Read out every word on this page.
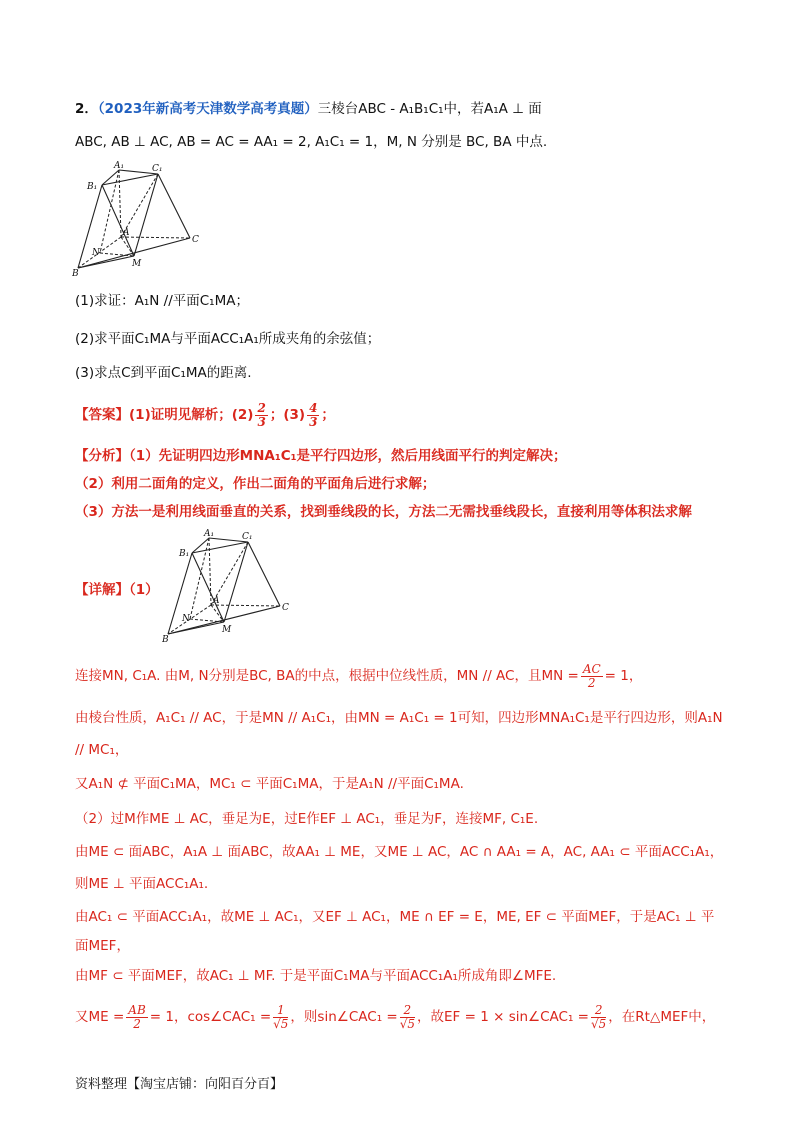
2．（2023年新高考天津数学高考真题）三棱台ABC - A₁B₁C₁中，若A₁A ⊥ 面
ABC, AB ⊥ AC, AB = AC = AA₁ = 2, A₁C₁ = 1，M, N 分别是 BC, BA 中点.
A₁	C₁
B₁
A
C
N
M
B
(1)求证：A₁N //平面C₁MA；
(2)求平面C₁MA与平面ACC₁A₁所成夹角的余弦值；
(3)求点C到平面C₁MA的距离.
【答案】(1)证明见解析；$(2) \frac{2}{3}$ ；$(3) \frac{4}{3}$ ；
【分析】（1）先证明四边形MNA₁C₁是平行四边形，然后用线面平行的判定解决；
（2）利用二面角的定义，作出二面角的平面角后进行求解；
（3）方法一是利用线面垂直的关系，找到垂线段的长，方法二无需找垂线段长，直接利用等体积法求解
【详解】（1）
A₁	C₁
B₁
A
C
N
M
B
连接MN, C₁A. 由M, N分别是BC, BA的中点，根据中位线性质，MN // AC，且MN = $\frac{AC}{2} = 1$，
由棱台性质，A₁C₁ // AC，于是MN // A₁C₁，由MN = A₁C₁ = 1可知，四边形MNA₁C₁是平行四边形，则A₁N
// MC₁，
又A₁N ⊄ 平面C₁MA，MC₁ ⊂ 平面C₁MA，于是A₁N //平面C₁MA.
（2）过M作ME ⊥ AC，垂足为E，过E作EF ⊥ AC₁，垂足为F，连接MF, C₁E.
由ME ⊂ 面ABC，A₁A ⊥ 面ABC，故AA₁ ⊥ ME，又ME ⊥ AC，AC ∩ AA₁ = A，AC, AA₁ ⊂ 平面ACC₁A₁，
则ME ⊥ 平面ACC₁A₁.
由AC₁ ⊂ 平面ACC₁A₁，故ME ⊥ AC₁，又EF ⊥ AC₁，ME ∩ EF = E，ME, EF ⊂ 平面MEF，于是AC₁ ⊥ 平
面MEF，
由MF ⊂ 平面MEF，故AC₁ ⊥ MF. 于是平面C₁MA与平面ACC₁A₁所成角即∠MFE.
又ME = $\frac{AB}{2} = 1$，cos∠CAC₁ = $\frac{1}{√5}$ ，则sin∠CAC₁ = $\frac{2}{√5}$ ，故EF = 1 × sin∠CAC₁ = $\frac{2}{√5}$ ，在Rt△MEF中，
资料整理【淘宝店铺：向阳百分百】
